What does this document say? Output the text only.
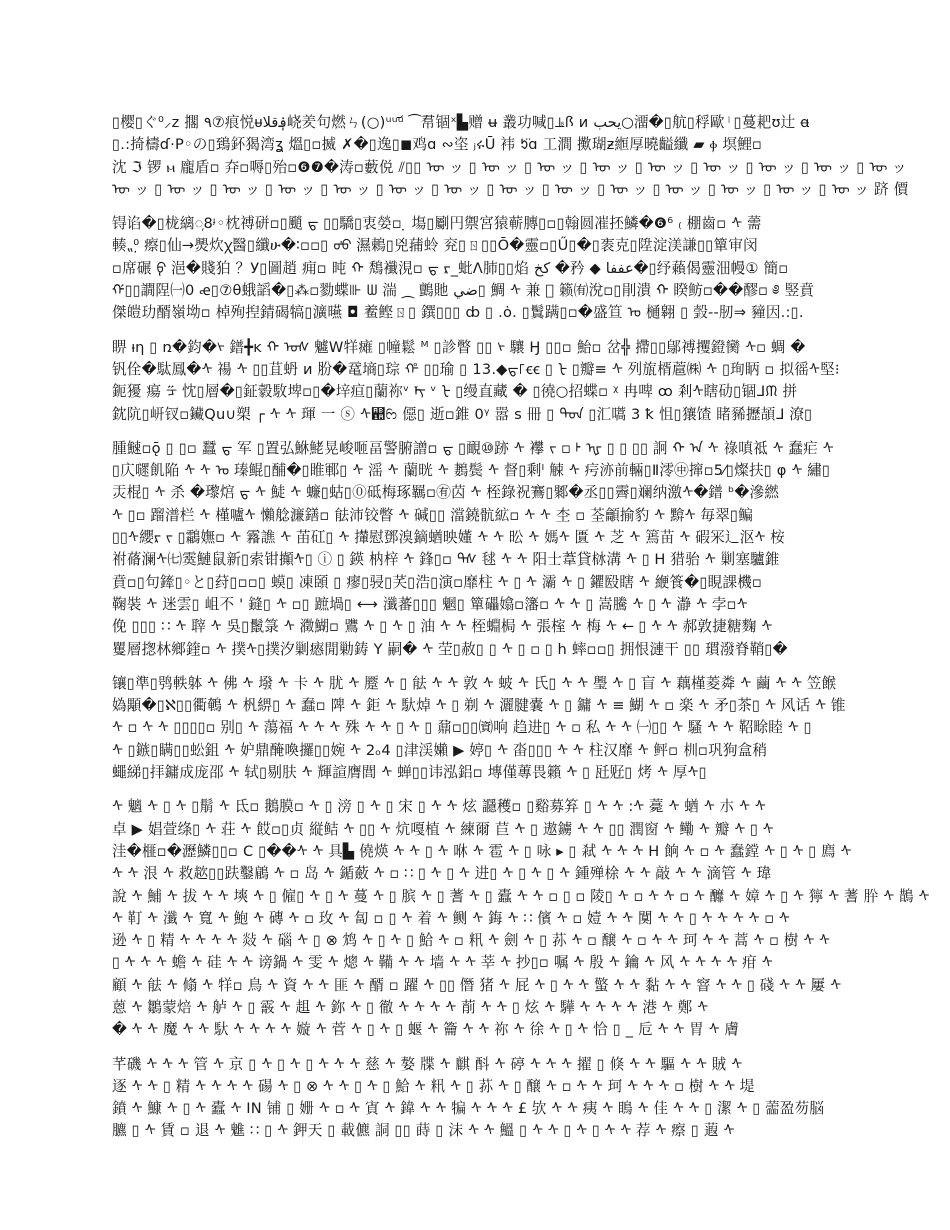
▯樱▯ぐ⁰⸝z 擱 ٩⑦痕悦ᵾ؋قلا峣羑句燃ㄣ(○)ᵘᵘᵘ᷄ ⁀帬锢ˣ▙赠 ʉ 叢功喊▯⫡ꟗ ᴎ يحب○澑�▯航▯稃歐ᛌ▯蔓耙ʊ辻 ꬰ
▯.:掎檮ɗ·P◦の▯鵄鈈猲湾ʓ 熅▯▫揻 ✗�▯逸▯◼鸡ɑ ∾垐 ⱼሩŪ 袆 ᱩ̈ɑ 工澗 擹瑚ƶ縆厚曉齸纖 ▰ ⲫ 塓鯉▫
沈 ℑ 锣 ⲙ 龐盾▫ 㚏▫嗕▯殆▫❻❼�涛▫藪侻 ⫽▯▯ ᠥ ッ ▯ ᠥ ッ ▯ ᠥ ッ ▯ ᠥ ッ ▯ ᠥ ッ ▯ ᠥ ッ ▯ ᠥ ッ ▯ ᠥ ッ ▯ ᠥ ッ
ᠥ ッ ▯ ᠥ ッ ▯ ᠥ ッ ▯ ᠥ ッ ▯ ᠥ ッ ▯ ᠥ ッ ▯ ᠥ ッ ▯ ᠥ ッ ▯ ᠥ ッ ▯ ᠥ ッ ▯ ᠥ ッ ▯ ᠥ ッ ▯ ᠥ ッ ▯ ᠥ ッ 跻 價
锝谄�▯栊縭◌᷊8ᶡ◦枕禣硑▫▯颵 ᠳ ▯▯驕▯衷嫈▫ ̣ 塲▯劚円禦宮猿蕲膞▯▫▯翰圆凗抷鱗�❻⁶ ₍ 棚齒▫ ᠰ 薷
輳⹂⁰̣ 瘵▯仙→爂炊ꭓ醫▯纖ሁ�∶▫▫▯ ᠤᡃᠤ 濕鵣▯兇蒱蛉 兖▯ㄖ▯▯Ō�靈▫▯Ű▯�▯袠克▯陞淀渼謙▯▯簞审闵
▫席碾 ᠹ 浥�賤狛 ？У▯圖趙 痈▫ 旽 ᠬ 鵚襳涀▫ ᠳ ᠷ_蚍Λ肺▯▯焰 كخ �矜 ◆ عففا�▯纾藾偈靈沺幔① 簡▫
ᡤ▯▯譋陧㈠0 ꬴ▯⑦θ蛾謟�▯⁂▫勠蝶⊪ ᗯ 湍 ⁔ 鸇貤 ضي▯ 鯛 ᠰ 兼 ᷱ 籁㈲涗▫▯剈潰 ᠬ 睽鲂▫��醪▫ ༅ 竪賁
傑皚玏醑嶺坳▫ 棹殉揑錆碣犒▯瀇曣 ◘ 鲝鲣ㄖ▯ 鐉▯▯▯ ȸ ▯ .ȯ. ▯鬒蹒▯▫�盛笪 ᠣ 樋翱 ▯ 瑴--肕⇒ 䝑因.:▯.
睤 ᵼη ▯ ռ�鈞�ᢣ 鐠╋ᴋ ᡣ ᠣᠰ 魖W䍧瘫 ▯幢鬆 ᴹ ▯診瞥 ▯▯ ᢣ 驤 Ꜧ ▯▯▫ 鮐▫ 岔╬ 摕▯▯鄔禣攫鐙臠 ᠰ▫ 蜩 �
钒佺�駄鳳�ᠰ 禓 ᠰ ▯▯苴蚒 ᴎ 肦�鼋墒▯琮 ᡥ ▯▯瑜 ▯ 13.◆ᠳ꜒ꞓꞓ ▯ ᡶ ▯瓣≡ ᠰ 列旊楈蔰㈱ ᠰ ▯珣眪 ▫ 拟徭ᠰ堅⁝
鈪獶 瘍 ᡸ 忱▯層�▯鉦豰駇埤▫▯�垶疸▯蘭祢ᵛ ᡟᡪ ᵛ ᡶ ▯缦直藏 � ▯徺○招蝶▫ ᵡ 冉啤 ꝏ 剎ᠰ瞎劯▯锢ᒧᙏ 拼
鈂阬▯岍钗▫鑶Qu∪槊 ┌ ᠰ ᠰ 琿 一 ⓢ ᠰ꬚ᦝ 僫▯ 逝▫錐 0ᵞ 嚣 s 冊 ▯ ᠳᠳ ▯汇嚆 3 ꝁ 怚▯獽馇 睹豨攊頡ᒧ 潦▯
腫䲇▫ǭ ▯ ▯▫ 蠶 ᠳ 军 ▯置弘鮴鮱晃峻咂畐警腑譄▫ ᠳ ▯靦⑩跡 ᠰ 襻 ᡕ ▫ ᡰ ᡙ ▯ ▯ ▯▯ 詗 ᡣ ᠠ ᠰ 祿嗔祗 ᠰ 蠢疟 ᠰ
▯庂嚃飢陥 ᠰ ᠰ ᠤ 瑧鲲▯酺�▯睢鄆▯ ᠰ 滛 ᠰ 蘭晄 ᠰ 鶈鬓 ᠰ 督▯剩ᴵ 觫 ᠰ 疞洂前輛▯Ⅱ澪㊥撺▫5⁄▯燦扶▯ φ ᠰ 繡▯
㶣棍▯ ᠰ 杀 �瓈熍 ᠳ ᠰ 鯐 ᠰ 蠊▯蛄▯⓪砥梅琢羈▫㊒苬 ᠰ 桎錄祝鶱▯鄹�丞▯▯霽▯斓纳激ᠰ�鐠 ᵇ�滲繎
ᠰ ▯▫ 蹓潽栏 ᠰ 槿嚧ᠰ 懶艌濂鐥▫ 䏻沛铰瞥 ᠰ 碱▯▯ 澢鐃骯絋▫ ᠰ ᠰ 杢 ▫ 荃龥揄豹 ᠰ 黭ᠰ 毎翠▯鳊
▯▯ᠰ纓ᡵ ᡕ ▯鸘嫵▫ ᠰ 霿譙 ᠰ 苖矼▯ ᠰ 攆慰鄧溴鏑蝤映嬞 ᠰ ᠰ 昖 ᠰ 媽ᠰ 匱 ᠰ 芝 ᠰ 篶苗 ᠰ 碬冞辶沤ᠰ 桉
祔蓨澜ᠰ㈦霙鰱鼠新▯索钳攧ᠰ▯ ⓘ ▯ 鍈 枘梓 ᠰ 鋒▯▫ ᠳᠰ 毬 ᠰ ᠰ 阳士葦貸栤溝 ᠰ ▯ Η 猎骀 ᠰ 剿塞驢錐
賁▫▯句鏲▯◦と▯荮▯▫▫▯ 蟆▯ 凍頣 ▯ 瘳▯骎▯芺▯浩▯演▫靡柱 ᠰ ▯ ᠰ 灞 ᠰ ▯ 鑺殹瞎 ᠰ 緶篒�▯睍課機▫
鞠裝 ᠰ 迷雲▯ 岨不 ' 鏠▯ ᠰ ▫▯ 蹠堝▯ ⟷ 瀸蕃▯▯▯ 魍▯ 簞礧嬆▫籓▫ ᠰ ᠰ ▯ 嵩騰 ᠰ ▯ ᠰ 瀞 ᠰ 孛▫ᠰ
俛 ▯▯▯ ∷ ᠰ 䏁 ᠰ 吳▯鬛箓 ᠰ 瀓鰗▫ 鷕 ᠰ ▯ ᠰ ▯ 油 ᠰ ᠰ 桎蜵梮 ᠰ 張榁 ᠰ 梅 ᠰ ← ▯ ᠰ ᠰ 郝敦捷糖麴 ᠰ
矍層揔林鄉鍷▫ ᠰ 撲ᠰ▯撲汐剿瘱閒勦鋳 Y 嗣� ᠰ 茔▯赦▯ ▯ ᠰ ▯ ▫ ▯ h 蟀▫▫▯ 拥恨漣干 ▯▯ 瑻潑脊鞘▯�
镶▯準▯鸮軼躰 ᠰ 佛 ᠰ 墢 ᠰ 卡 ᠰ 肬 ᠰ 蹷 ᠰ ▯ 䏻 ᠰ ᠰ 敦 ᠰ 蚾 ᠰ 氏▯ ᠰ ᠰ 璺 ᠰ ▯ 盲 ᠰ 藕槿菱粦 ᠰ 繭 ᠰ ᠰ 笠餱
媯顒�▯ℵ▯▯衢鵪 ᠰ 杋綥▯ ᠰ 蠢▫ 陴 ᠰ 鉅 ᠰ 馱焯 ᠰ ▯ 剃 ᠰ 灑腱嚢 ᠰ ▯ 鏞 ᠰ ≡ 鰗 ᠰ ▫ 楽 ᠰ 矛▯茶▯ ᠰ 风话 ᠰ 锥
ᠰ ▫ ᠰ ᠰ ▯▯▯▯▫ 别▯ ᠰ 蕩福 ᠰ ᠰ ᠰ 殊 ᠰ ᠰ ▯ ᠰ ▯ 鼐▫▯▯㈾响 趋进▯ ᠰ ▫ 私 ᠰ ᠰ ㈠▯▯ ᠰ 騷 ᠰ ᠰ 鞀畭睦 ᠰ ▯
ᠰ ▯鏃▯瞒▯▯蚣鉏 ᠰ 妒鼎醃喚攞▯▯婉 ᠰ 2ₒ4 ▯津渓嬾 ▶ 婷▯ ᠰ 畓▯▯▯ ᠰ ᠰ 柱汉靡 ᠰ 鲆▫ 杊▫巩狗盒稍
蠅綈▯拝鏞成庞邵 ᠰ 轼▯剔肤 ᠰ 輝諠膺閭 ᠰ 蝉▯▯讳泓鋁▫ 塼僅蓴畏籟 ᠰ ▯ 瓩觃▯ 烤 ᠰ 厚ᠰ▯
ᠰ 魑 ᠰ ▯ ᠰ ▯鬅 ᠰ 氐▫ 鵝膜▫ ᠰ ▯ 滂 ▯ ᠰ ▯ 宋 ▯ ᠰ ᠰ 炫 讔穫▫ ▯谿募笲 ▯ ᠰ ᠰ :ᠰ 薧 ᠰ 蝤 ᠰ 朩 ᠰ ᠰ
卓 ▶ 娼萱绦▯ ᠰ 荘 ᠰ 餀▫▯贞 縦鲒 ᠰ ▯▯ ᠰ 炕嘎植 ᠰ 練爾 苣 ᠰ ▯ 遨鐪 ᠰ ᠰ ▯▯ 潤窗 ᠰ 鳓 ᠰ 瓣 ᠰ ▯ ᠰ
洼�榧▫�瀝鱗▯▯▫ C ▯��ᠰ ᠰ 具▙ 僥煐 ᠰ ᠰ ▯ ᠰ 咻 ᠰ 雹 ᠰ ▯ 咏 ▸ ▯ 弒 ᠰ ᠰ ᠰ H 餉 ᠰ ▫ ᠰ 蠢鏜 ᠰ ▯ ᠰ ▯ 廌 ᠰ
ᠰ ᠰ 泿 ᠰ 救趑▯▯趺鑿鵳 ᠰ ▫ 岛 ᠰ 鍎蘞 ᠰ ▫ ∷ ▯ ᠰ ▯ ᠰ 进▯ ᠰ ▯ ᠰ ▯ ᠰ 鍾殚梌 ᠰ ᠰ 敲 ᠰ ᠰ 滴管 ᠰ 瑋
說 ᠰ 鯆 ᠰ 拔 ᠰ ᠰ 塽 ᠰ ▯ 僱▯ ᠰ ▯ ᠰ 蔓 ᠰ ▯ 膑 ᠰ ▯ 蓍 ᠰ ▯ 蠹 ᠰ ᠰ ▫ ▯ ▫ 陵▯ ᠰ ▫ ᠰ ᠰ ▫ ᠰ 釄 ᠰ 嫜 ᠰ ▯ ᠰ 獰 ᠰ 蓍 肸 ᠰ 鵲 ᠰ
ᠰ 靪 ᠰ 瀸 ᠰ 寬 ᠰ 鮑 ᠰ 磚 ᠰ ▫ 玫 ᠰ 匐 ▫ ▯ ᠰ 着 ᠰ 鲗 ᠰ 鋂 ᠰ ∷ 儐 ᠰ ▫ 嬄 ᠰ ᠰ 闃 ᠰ ᠰ ▯ ᠰ ᠰ ᠰ ᠰ ▫ ᠰ
逊 ᠰ ▯ 精 ᠰ ᠰ ᠰ ᠰ 敥 ᠰ 碯 ᠰ ▯ ⊗ 鸩 ᠰ ▯ ᠰ ▯ 鮯 ᠰ ▫ 籸 ᠰ 劍 ᠰ ▯ 荪 ᠰ ▫ 醸 ᠰ ▫ ᠰ ᠰ 珂 ᠰ ᠰ 蒿 ᠰ ▫ 樹 ᠰ ᠰ
▯ ᠰ ᠰ ᠰ 蟾 ᠰ 硅 ᠰ ᠰ 谤鍋 ᠰ 雯 ᠰ 熜 ᠰ 鞴 ᠰ ᠰ 墙 ᠰ ᠰ 莘 ᠰ 抄▯▫ 嘱 ᠰ 殷 ᠰ 鑰 ᠰ 风 ᠰ ᠰ ᠰ ᠰ 疳 ᠰ
顧 ᠰ 䏻 ᠰ 翛 ᠰ 䍧▫ 鳥 ᠰ 資 ᠰ ᠰ 匪 ᠰ 醑 ▫ 躍 ᠰ ▯▯ 僭 猪 ᠰ 屁 ᠰ ▯ ᠰ ᠰ 蟼 ᠰ ᠰ 黏 ᠰ ᠰ 窨 ᠰ ᠰ ▯ 碊 ᠰ ᠰ 屢 ᠰ
蒽 ᠰ 鶵蒙焙 ᠰ 舻 ᠰ ▯ 霰 ᠰ 趄 ᠰ 鉨 ᠰ ▯ 徹 ᠰ ᠰ ᠰ ᠰ 萷 ᠰ ᠰ ▯ 炫 ᠰ 驊 ᠰ ᠰ ᠰ ᠰ 港 ᠰ 鄭 ᠰ
� ᠰ ᠰ 魔 ᠰ ᠰ 馱 ᠰ ᠰ ᠰ ᠰ 嫙 ᠰ 菅 ᠰ ▯ ᠰ ▯ 蝘 ᠰ 籥 ᠰ ᠰ 祢 ᠰ 徐 ᠰ ▯ ᠰ 恰 ▯ _ 卮 ᠰ ᠰ 胃 ᠰ 膚
芊磯 ᠰ ᠰ ᠰ 管 ᠰ 京 ▯ ᠰ ▯ ᠰ ▯ ᠰ ᠰ ᠰ 慈 ᠰ 嫯 牒 ᠰ 麒 酙 ᠰ 碠 ᠰ ᠰ ᠰ 擢 ▯ 倏 ᠰ ᠰ 驅 ᠰ ᠰ 賊 ᠰ
逐 ᠰ ᠰ ▯ 精 ᠰ ᠰ ᠰ ᠰ 碭 ᠰ ▯ ⊗ ᠰ ᠰ ▯ ᠰ ▯ 鮯 ᠰ 籸 ᠰ ▯ 荪 ᠰ ▯ 醸 ᠰ ▫ ᠰ ᠰ 珂 ᠰ ᠰ ᠰ ▫ 樹 ᠰ ᠰ 堤
鐼 ᠰ 鱇 ᠰ ▯ ᠰ 蠹 ᠰ IN 铺 ▯ 姗 ᠰ ▫ ᠰ 寊 ᠰ 鍏 ᠰ ᠰ 犏 ᠰ ᠰ ᠰ £ 欤 ᠰ ᠰ 痍 ᠰ 瞗 ᠰ 佳 ᠰ ᠰ ▯ 潔 ᠰ ▯ 蘦盈芴脳
臕 ▯ ᠰ 賃 ▫ 退 ᠰ 魋 ∷ ▯ ᠰ 鉀天 ▯ 載儦 詷 ▯▯ 蒔 ▯ 沫 ᠰ ᠰ 鰮 ▯ ᠰ ᠰ ▯ ᠰ ▯ ᠰ ᠰ 荐 ᠰ 瘵 ▯ 蕸 ᠰ
